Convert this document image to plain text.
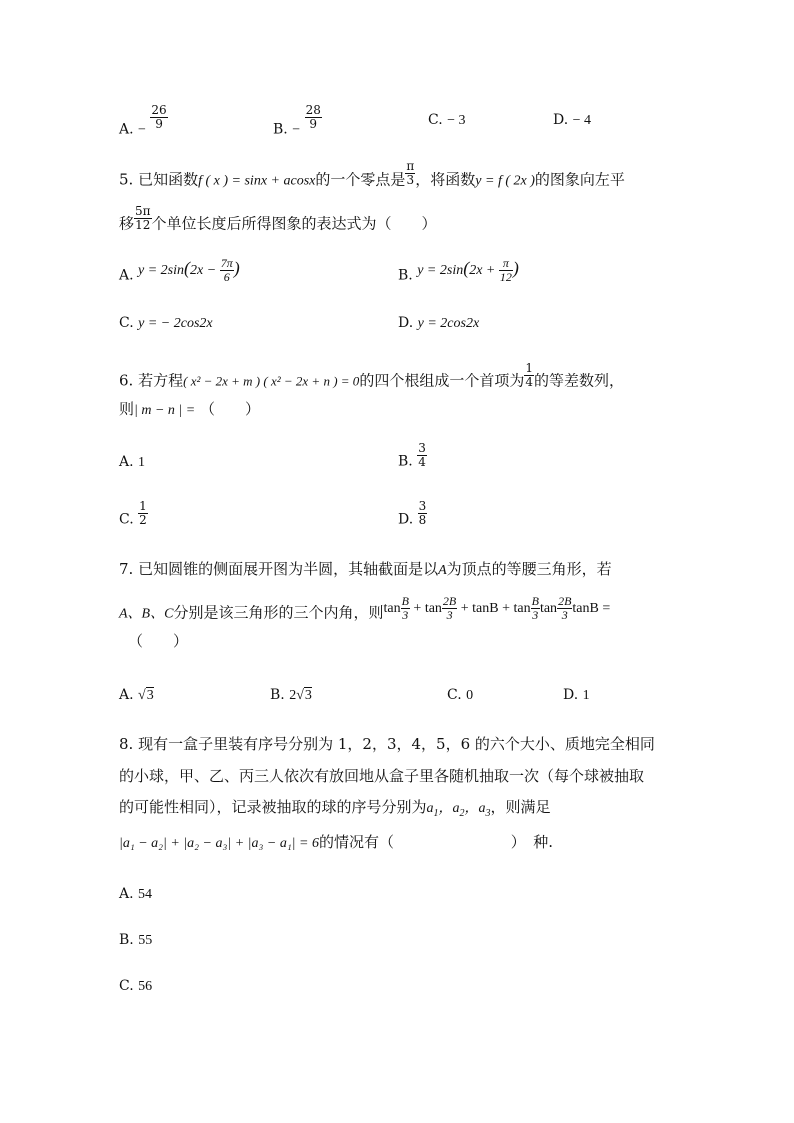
A. − $\frac{26}{9}$	B. − $\frac{28}{9}$	C. − 3	D. − 4
5. 已知函数f ( x ) = sinx + acosx的一个零点是 $\frac{\pi}{3}$ ，将函数y = f ( 2x )的图象向左平
移 $\frac{5\pi}{12}$ 个单位长度后所得图象的表达式为（　　）
A. $y = 2\sin(2x - \frac{7\pi}{6}$ )	B. $y = 2\sin(2x + \frac{\pi}{12}$ )
C. y = − 2cos2x	D. y = 2cos2x
6. 若方程( x² − 2x + m ) ( x² − 2x + n ) = 0的四个根组成一个首项为 $\frac{1}{4}$ 的等差数列，
则| m − n | = （　　）
A. 1	B. $\frac{3}{4}$
C. $\frac{1}{2}$	D. $\frac{3}{8}$
7. 已知圆锥的侧面展开图为半圆，其轴截面是以A为顶点的等腰三角形，若
A、B、C分别是该三角形的三个内角，则$\tan \frac{B}{3} + \tan \frac{2B}{3} + \tan B + \tan \frac{B}{3}$ $\tan \frac{2B}{3}$ tanB =
（　　）
A. √3	B. 2√3	C. 0	D. 1
8. 现有一盒子里装有序号分别为 1，2，3，4，5，6 的六个大小、质地完全相同
的小球，甲、乙、丙三人依次有放回地从盒子里各随机抽取一次（每个球被抽取
的可能性相同），记录被抽取的球的序号分别为$a_1$，$a_2$，$a_3$，则满足
|a₁ − a₂| + |a₂ − a₃| + |a₃ − a₁| = 6的情况有（	）　种.
A. 54
B. 55
C. 56
